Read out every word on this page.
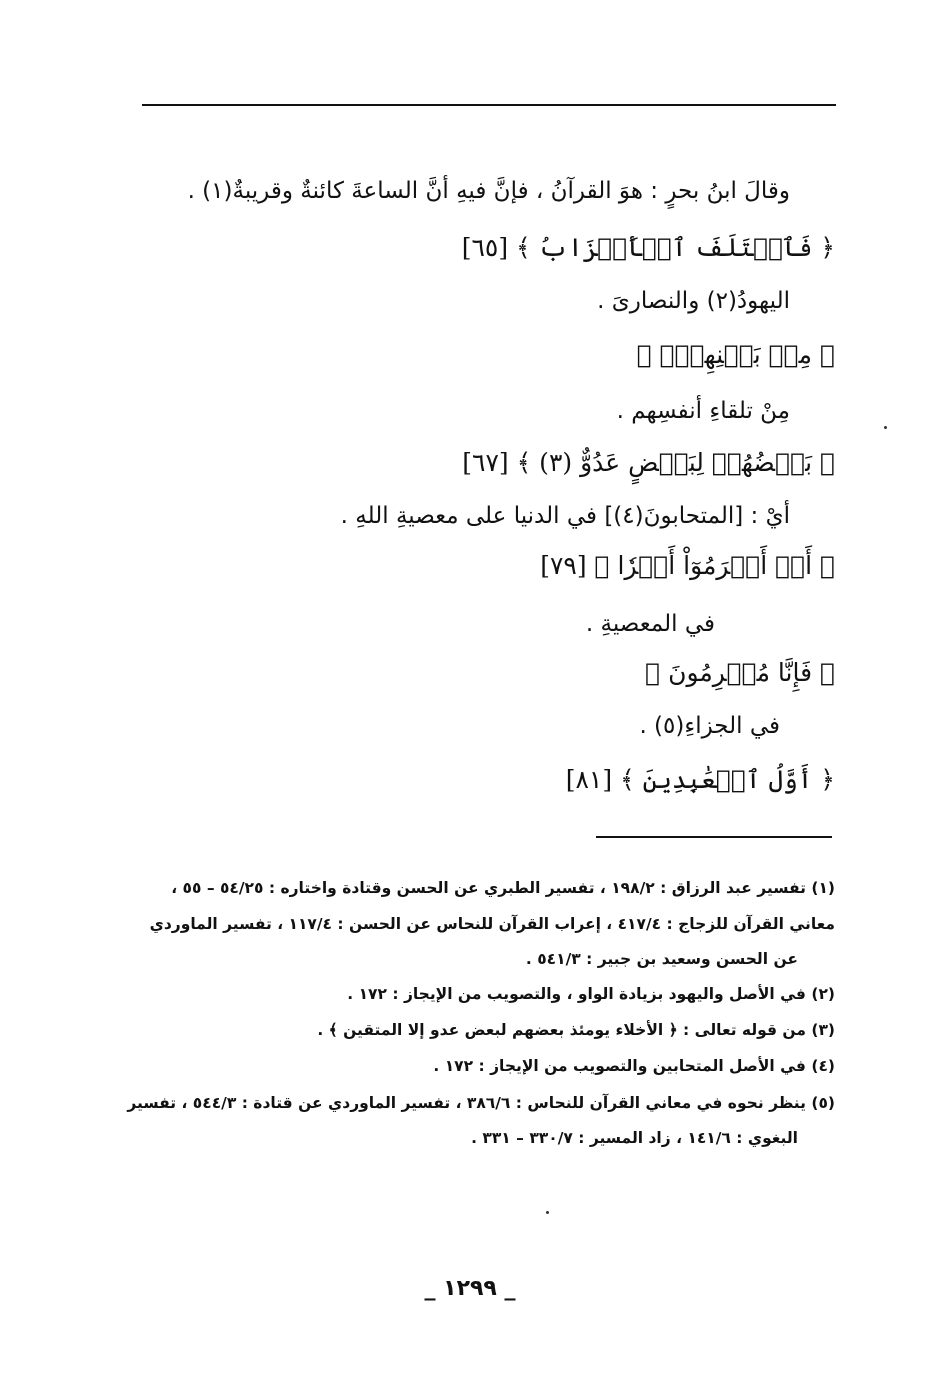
وقالَ ابنُ بحرٍ : هوَ القرآنُ ، فإنَّ فيهِ أنَّ الساعةَ كائنةٌ وقريبةٌ(١) .
﴿ فَٱخۡتَلَفَ ٱلۡأَحۡزَابُ ﴾ [٦٥]
اليهودُ(٢) والنصارىَ .
﴿ مِنۢ بَيۡنِهِمۡۖ ﴾
مِنْ تلقاءِ أنفسِهم .
﴿ بَعۡضُهُمۡ لِبَعۡضٍ عَدُوٌّ (٣) ﴾ [٦٧]
أيْ : [المتحابونَ(٤)] في الدنيا على معصيةِ اللهِ .
﴿ أَمۡ أَبۡرَمُوٓاْ أَمۡرٗا ﴾ [٧٩]
في المعصيةِ .
﴿ فَإِنَّا مُبۡرِمُونَ ﴾
في الجزاءِ(٥) .
﴿ أَوَّلُ ٱلۡعَٰبِدِينَ ﴾ [٨١]
(١) تفسير عبد الرزاق : ١٩٨/٢ ، تفسير الطبري عن الحسن وقتادة واختاره : ٥٤/٢٥ – ٥٥ ،
معاني القرآن للزجاج : ٤١٧/٤ ، إعراب القرآن للنحاس عن الحسن : ١١٧/٤ ، تفسير الماوردي
عن الحسن وسعيد بن جبير : ٥٤١/٣ .
(٢) في الأصل واليهود بزيادة الواو ، والتصويب من الإيجاز : ١٧٢ .
(٣) من قوله تعالى : ﴿ الأخلاء يومئذ بعضهم لبعض عدو إلا المتقين ﴾ .
(٤) في الأصل المتحابين والتصويب من الإيجاز : ١٧٢ .
(٥) ينظر نحوه في معاني القرآن للنحاس : ٣٨٦/٦ ، تفسير الماوردي عن قتادة : ٥٤٤/٣ ، تفسير
البغوي : ١٤١/٦ ، زاد المسير : ٣٣٠/٧ – ٣٣١ .
_ ١٢٩٩ _
